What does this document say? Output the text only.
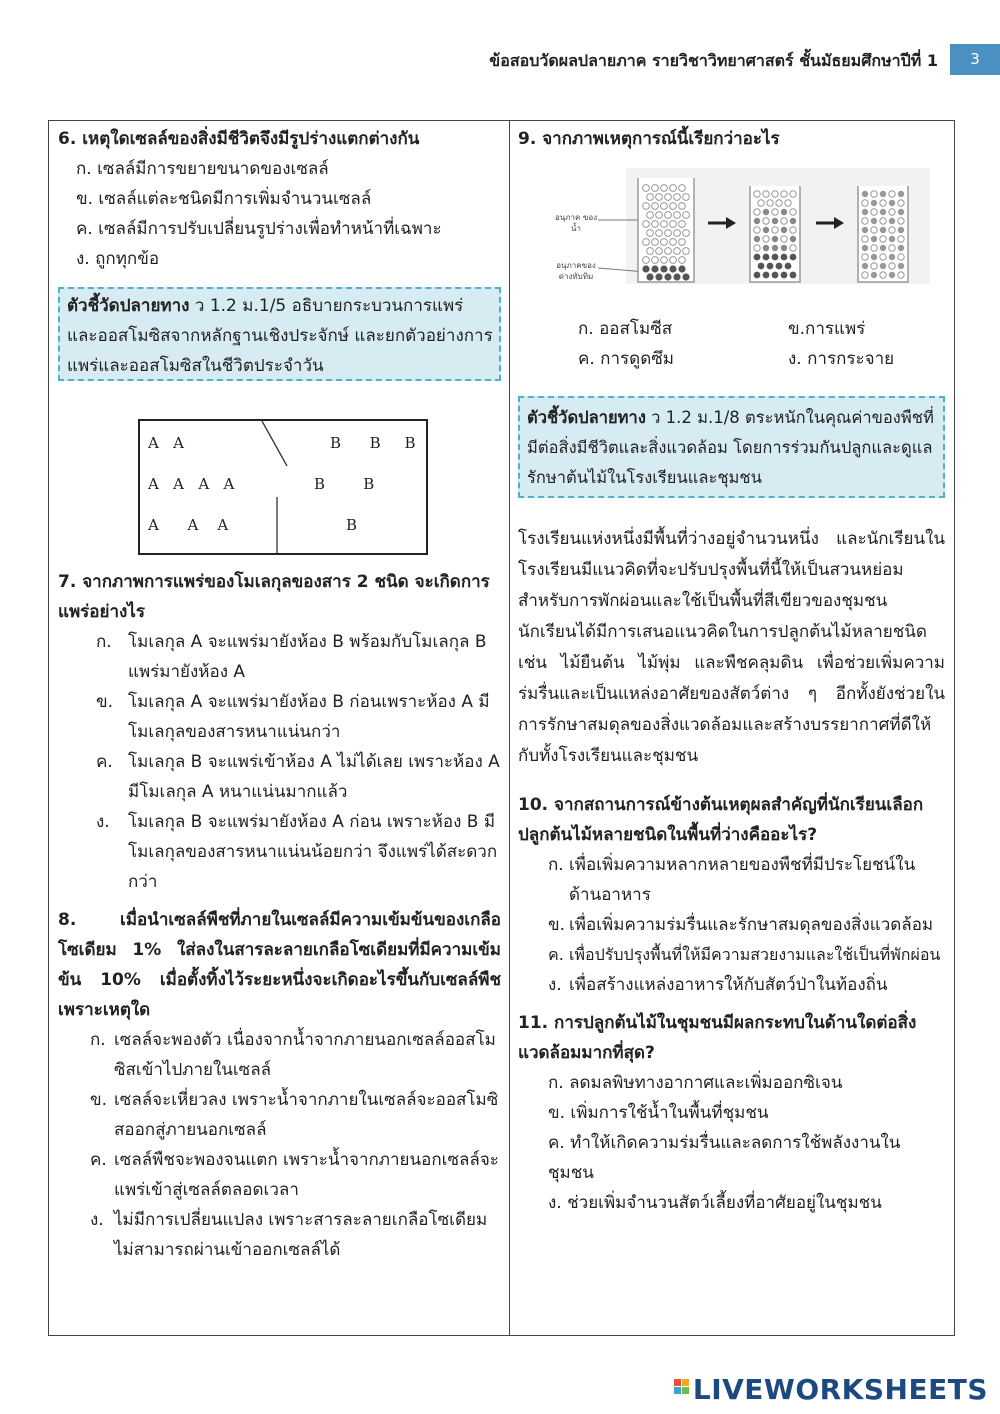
ข้อสอบวัดผลปลายภาค รายวิชาวิทยาศาสตร์ ชั้นมัธยมศึกษาปีที่ 1	3

6. เหตุใดเซลล์ของสิ่งมีชีวิตจึงมีรูปร่างแตกต่างกัน

ก. เซลล์มีการขยายขนาดของเซลล์

ข. เซลล์แต่ละชนิดมีการเพิ่มจำนวนเซลล์

ค. เซลล์มีการปรับเปลี่ยนรูปร่างเพื่อทำหน้าที่เฉพาะ

ง. ถูกทุกข้อ

ตัวชี้วัดปลายทาง ว 1.2 ม.1/5 อธิบายกระบวนการแพร่และออสโมซิสจากหลักฐานเชิงประจักษ์ และยกตัวอย่างการแพร่และออสโมซิสในชีวิตประจำวัน
A A	B B B
A A A A	B	B
A A A	B

7. จากภาพการแพร่ของโมเลกุลของสาร 2 ชนิด จะเกิดการแพร่อย่างไร

ก. โมเลกุล A จะแพร่มายังห้อง B พร้อมกับโมเลกุล B แพร่มายังห้อง A
ข. โมเลกุล A จะแพร่มายังห้อง B ก่อนเพราะห้อง A มีโมเลกุลของสารหนาแน่นกว่า
ค. โมเลกุล B จะแพร่เข้าห้อง A ไม่ได้เลย เพราะห้อง A มีโมเลกุล A หนาแน่นมากแล้ว
ง.	โมเลกุล B จะแพร่มายังห้อง A ก่อน เพราะห้อง B มีโมเลกุลของสารหนาแน่นน้อยกว่า จึงแพร่ได้สะดวกกว่า

8. เมื่อนำเซลล์พืชที่ภายในเซลล์มีความเข้มข้นของเกลือโซเดียม 1% ใส่ลงในสารละลายเกลือโซเดียมที่มีความเข้มข้น 10% เมื่อตั้งทิ้งไว้ระยะหนึ่งจะเกิดอะไรขึ้นกับเซลล์พืช เพราะเหตุใด

ก. เซลล์จะพองตัว เนื่องจากน้ำจากภายนอกเซลล์ออสโมซิสเข้าไปภายในเซลล์
ข. เซลล์จะเหี่ยวลง เพราะน้ำจากภายในเซลล์จะออสโมซิสออกสู่ภายนอกเซลล์
ค. เซลล์พืชจะพองจนแตก เพราะน้ำจากภายนอกเซลล์จะแพร่เข้าสู่เซลล์ตลอดเวลา
ง. ไม่มีการเปลี่ยนแปลง เพราะสารละลายเกลือโซเดียมไม่สามารถผ่านเข้าออกเซลล์ได้

9. จากภาพเหตุการณ์นี้เรียกว่าอะไร

อนุภาค ของน้ำ
อนุภาคของ ด่างทับทิม
ก. ออสโมซีส	ข.การแพร่
ค. การดูดซึม	ง. การกระจาย
ตัวชี้วัดปลายทาง ว 1.2 ม.1/8 ตระหนักในคุณค่าของพืชที่มีต่อสิ่งมีชีวิตและสิ่งแวดล้อม โดยการร่วมกันปลูกและดูแลรักษาต้นไม้ในโรงเรียนและชุมชน

โรงเรียนแห่งหนึ่งมีพื้นที่ว่างอยู่จำนวนหนึ่ง และนักเรียนในโรงเรียนมีแนวคิดที่จะปรับปรุงพื้นที่นี้ให้เป็นสวนหย่อมสำหรับการพักผ่อนและใช้เป็นพื้นที่สีเขียวของชุมชน นักเรียนได้มีการเสนอแนวคิดในการปลูกต้นไม้หลายชนิด เช่น ไม้ยืนต้น ไม้พุ่ม และพืชคลุมดิน เพื่อช่วยเพิ่มความร่มรื่นและเป็นแหล่งอาศัยของสัตว์ต่าง ๆ อีกทั้งยังช่วยในการรักษาสมดุลของสิ่งแวดล้อมและสร้างบรรยากาศที่ดีให้กับทั้งโรงเรียนและชุมชน

10. จากสถานการณ์ข้างต้นเหตุผลสำคัญที่นักเรียนเลือกปลูกต้นไม้หลายชนิดในพื้นที่ว่างคืออะไร?

ก. เพื่อเพิ่มความหลากหลายของพืชที่มีประโยชน์ในด้านอาหาร
ข. เพื่อเพิ่มความร่มรื่นและรักษาสมดุลของสิ่งแวดล้อม
ค. เพื่อปรับปรุงพื้นที่ให้มีความสวยงามและใช้เป็นที่พักผ่อน
ง. เพื่อสร้างแหล่งอาหารให้กับสัตว์ป่าในท้องถิ่น

11. การปลูกต้นไม้ในชุมชนมีผลกระทบในด้านใดต่อสิ่งแวดล้อมมากที่สุด?

ก. ลดมลพิษทางอากาศและเพิ่มออกซิเจน

ข. เพิ่มการใช้น้ำในพื้นที่ชุมชน

ค. ทำให้เกิดความร่มรื่นและลดการใช้พลังงานในชุมชน

ง. ช่วยเพิ่มจำนวนสัตว์เลี้ยงที่อาศัยอยู่ในชุมชน

LIVEWORKSHEETS
